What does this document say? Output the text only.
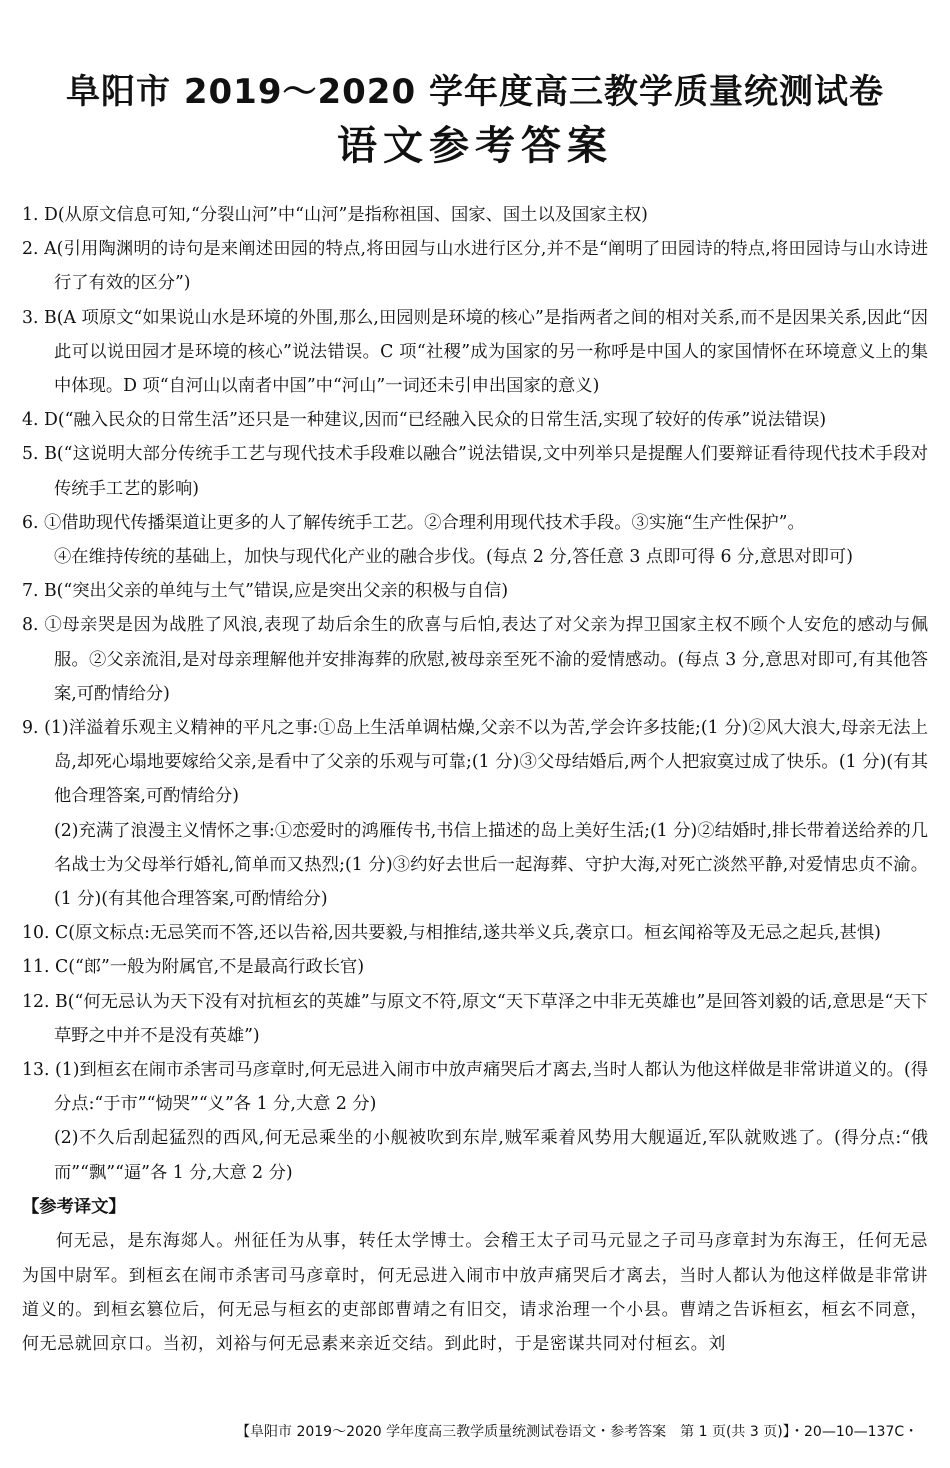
阜阳市 2019～2020 学年度高三教学质量统测试卷
语文参考答案

1. D(从原文信息可知,“分裂山河”中“山河”是指称祖国、国家、国土以及国家主权)

2. A(引用陶渊明的诗句是来阐述田园的特点,将田园与山水进行区分,并不是“阐明了田园诗的特点,将田园诗与山水诗进行了有效的区分”)

3. B(A 项原文“如果说山水是环境的外围,那么,田园则是环境的核心”是指两者之间的相对关系,而不是因果关系,因此“因此可以说田园才是环境的核心”说法错误。C 项“社稷”成为国家的另一称呼是中国人的家国情怀在环境意义上的集中体现。D 项“自河山以南者中国”中“河山”一词还未引申出国家的意义)

4. D(“融入民众的日常生活”还只是一种建议,因而“已经融入民众的日常生活,实现了较好的传承”说法错误)

5. B(“这说明大部分传统手工艺与现代技术手段难以融合”说法错误,文中列举只是提醒人们要辩证看待现代技术手段对传统手工艺的影响)

6. ①借助现代传播渠道让更多的人了解传统手工艺。②合理利用现代技术手段。③实施“生产性保护”。

④在维持传统的基础上，加快与现代化产业的融合步伐。(每点 2 分,答任意 3 点即可得 6 分,意思对即可)

7. B(“突出父亲的单纯与土气”错误,应是突出父亲的积极与自信)

8. ①母亲哭是因为战胜了风浪,表现了劫后余生的欣喜与后怕,表达了对父亲为捍卫国家主权不顾个人安危的感动与佩服。②父亲流泪,是对母亲理解他并安排海葬的欣慰,被母亲至死不渝的爱情感动。(每点 3 分,意思对即可,有其他答案,可酌情给分)

9. (1)洋溢着乐观主义精神的平凡之事:①岛上生活单调枯燥,父亲不以为苦,学会许多技能;(1 分)②风大浪大,母亲无法上岛,却死心塌地要嫁给父亲,是看中了父亲的乐观与可靠;(1 分)③父母结婚后,两个人把寂寞过成了快乐。(1 分)(有其他合理答案,可酌情给分)

(2)充满了浪漫主义情怀之事:①恋爱时的鸿雁传书,书信上描述的岛上美好生活;(1 分)②结婚时,排长带着送给养的几名战士为父母举行婚礼,简单而又热烈;(1 分)③约好去世后一起海葬、守护大海,对死亡淡然平静,对爱情忠贞不渝。(1 分)(有其他合理答案,可酌情给分)

10. C(原文标点:无忌笑而不答,还以告裕,因共要毅,与相推结,遂共举义兵,袭京口。桓玄闻裕等及无忌之起兵,甚惧)

11. C(“郎”一般为附属官,不是最高行政长官)

12. B(“何无忌认为天下没有对抗桓玄的英雄”与原文不符,原文“天下草泽之中非无英雄也”是回答刘毅的话,意思是“天下草野之中并不是没有英雄”)

13. (1)到桓玄在闹市杀害司马彦章时,何无忌进入闹市中放声痛哭后才离去,当时人都认为他这样做是非常讲道义的。(得分点:“于市”“恸哭”“义”各 1 分,大意 2 分)

(2)不久后刮起猛烈的西风,何无忌乘坐的小舰被吹到东岸,贼军乘着风势用大舰逼近,军队就败逃了。(得分点:“俄而”“飘”“逼”各 1 分,大意 2 分)

【参考译文】

何无忌，是东海郯人。州征任为从事，转任太学博士。会稽王太子司马元显之子司马彦章封为东海王，任何无忌为国中尉军。到桓玄在闹市杀害司马彦章时，何无忌进入闹市中放声痛哭后才离去，当时人都认为他这样做是非常讲道义的。到桓玄篡位后，何无忌与桓玄的吏部郎曹靖之有旧交，请求治理一个小县。曹靖之告诉桓玄，桓玄不同意，何无忌就回京口。当初，刘裕与何无忌素来亲近交结。到此时，于是密谋共同对付桓玄。刘

【阜阳市 2019～2020 学年度高三教学质量统测试卷语文・参考答案　第 1 页(共 3 页)】
・20—10—137C・
